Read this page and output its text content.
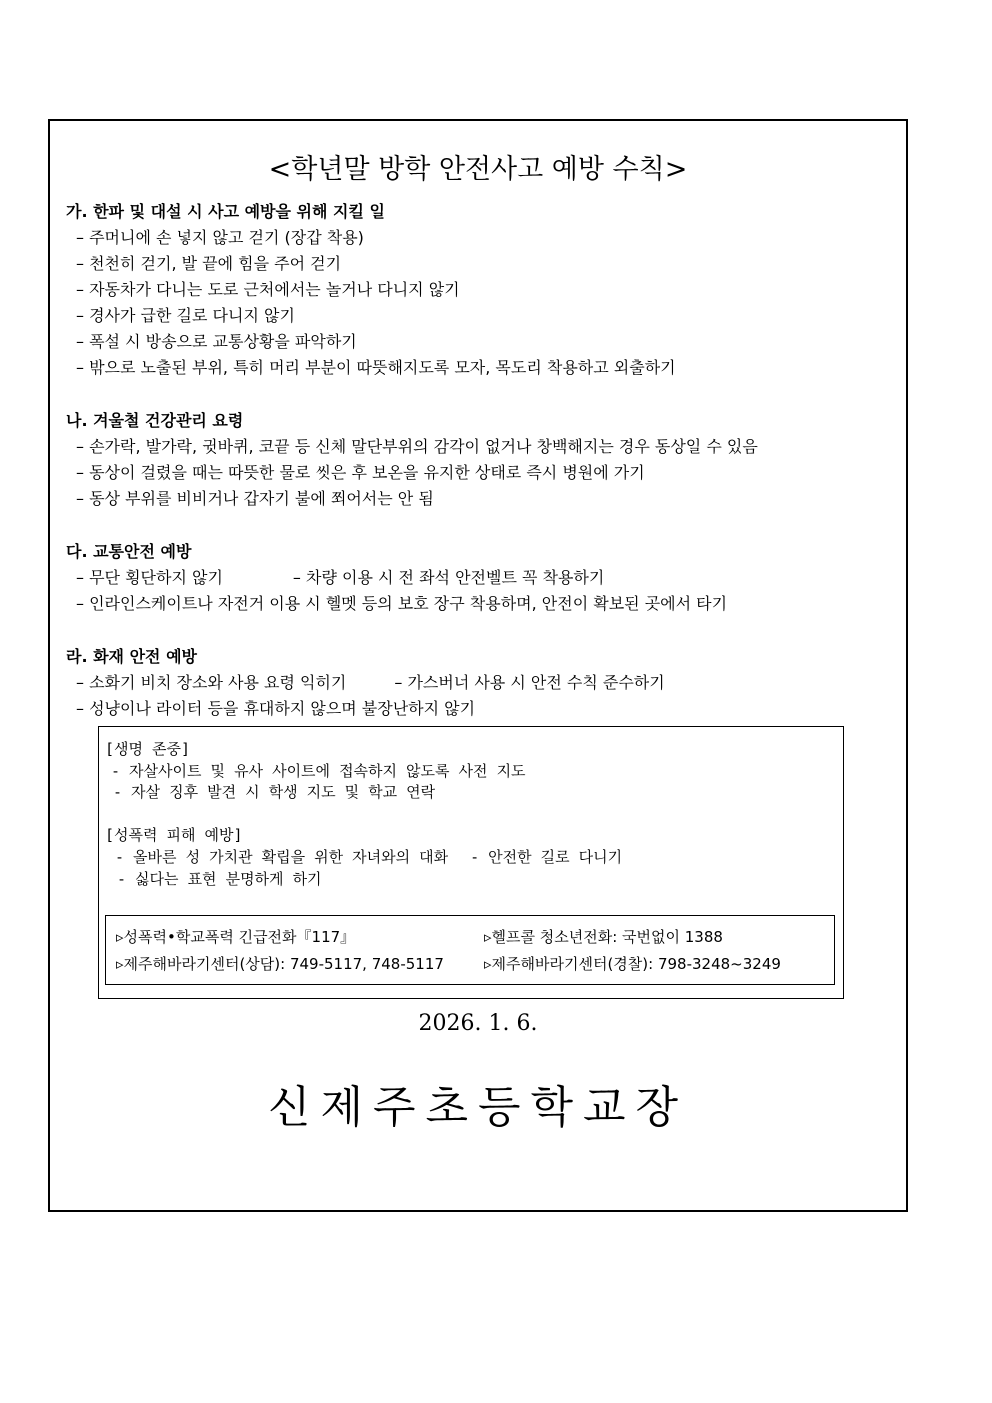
<학년말 방학 안전사고 예방 수칙>
가. 한파 및 대설 시 사고 예방을 위해 지킬 일
– 주머니에 손 넣지 않고 걷기 (장갑 착용)
– 천천히 걷기, 발 끝에 힘을 주어 걷기
– 자동차가 다니는 도로 근처에서는 놀거나 다니지 않기
– 경사가 급한 길로 다니지 않기
– 폭설 시 방송으로 교통상황을 파악하기
– 밖으로 노출된 부위, 특히 머리 부분이 따뜻해지도록 모자, 목도리 착용하고 외출하기
나. 겨울철 건강관리 요령
– 손가락, 발가락, 귓바퀴, 코끝 등 신체 말단부위의 감각이 없거나 창백해지는 경우 동상일 수 있음
– 동상이 걸렸을 때는 따뜻한 물로 씻은 후 보온을 유지한 상태로 즉시 병원에 가기
– 동상 부위를 비비거나 갑자기 불에 쬐어서는 안 됨
다. 교통안전 예방
– 무단 횡단하지 않기	– 차량 이용 시 전 좌석 안전벨트 꼭 착용하기
– 인라인스케이트나 자전거 이용 시 헬멧 등의 보호 장구 착용하며, 안전이 확보된 곳에서 타기
라. 화재 안전 예방
– 소화기 비치 장소와 사용 요령 익히기	– 가스버너 사용 시 안전 수칙 준수하기
– 성냥이나 라이터 등을 휴대하지 않으며 불장난하지 않기
[생명 존중]
- 자살사이트 및 유사 사이트에 접속하지 않도록 사전 지도
- 자살 징후 발견 시 학생 지도 및 학교 연락
[성폭력 피해 예방]
- 올바른 성 가치관 확립을 위한 자녀와의 대화 - 안전한 길로 다니기
- 싫다는 표현 분명하게 하기
▹성폭력•학교폭력 긴급전화『117』	▹헬프콜 청소년전화: 국번없이 1388
▹제주해바라기센터(상담): 749-5117, 748-5117	▹제주해바라기센터(경찰): 798-3248~3249
2026. 1. 6.
신제주초등학교장
